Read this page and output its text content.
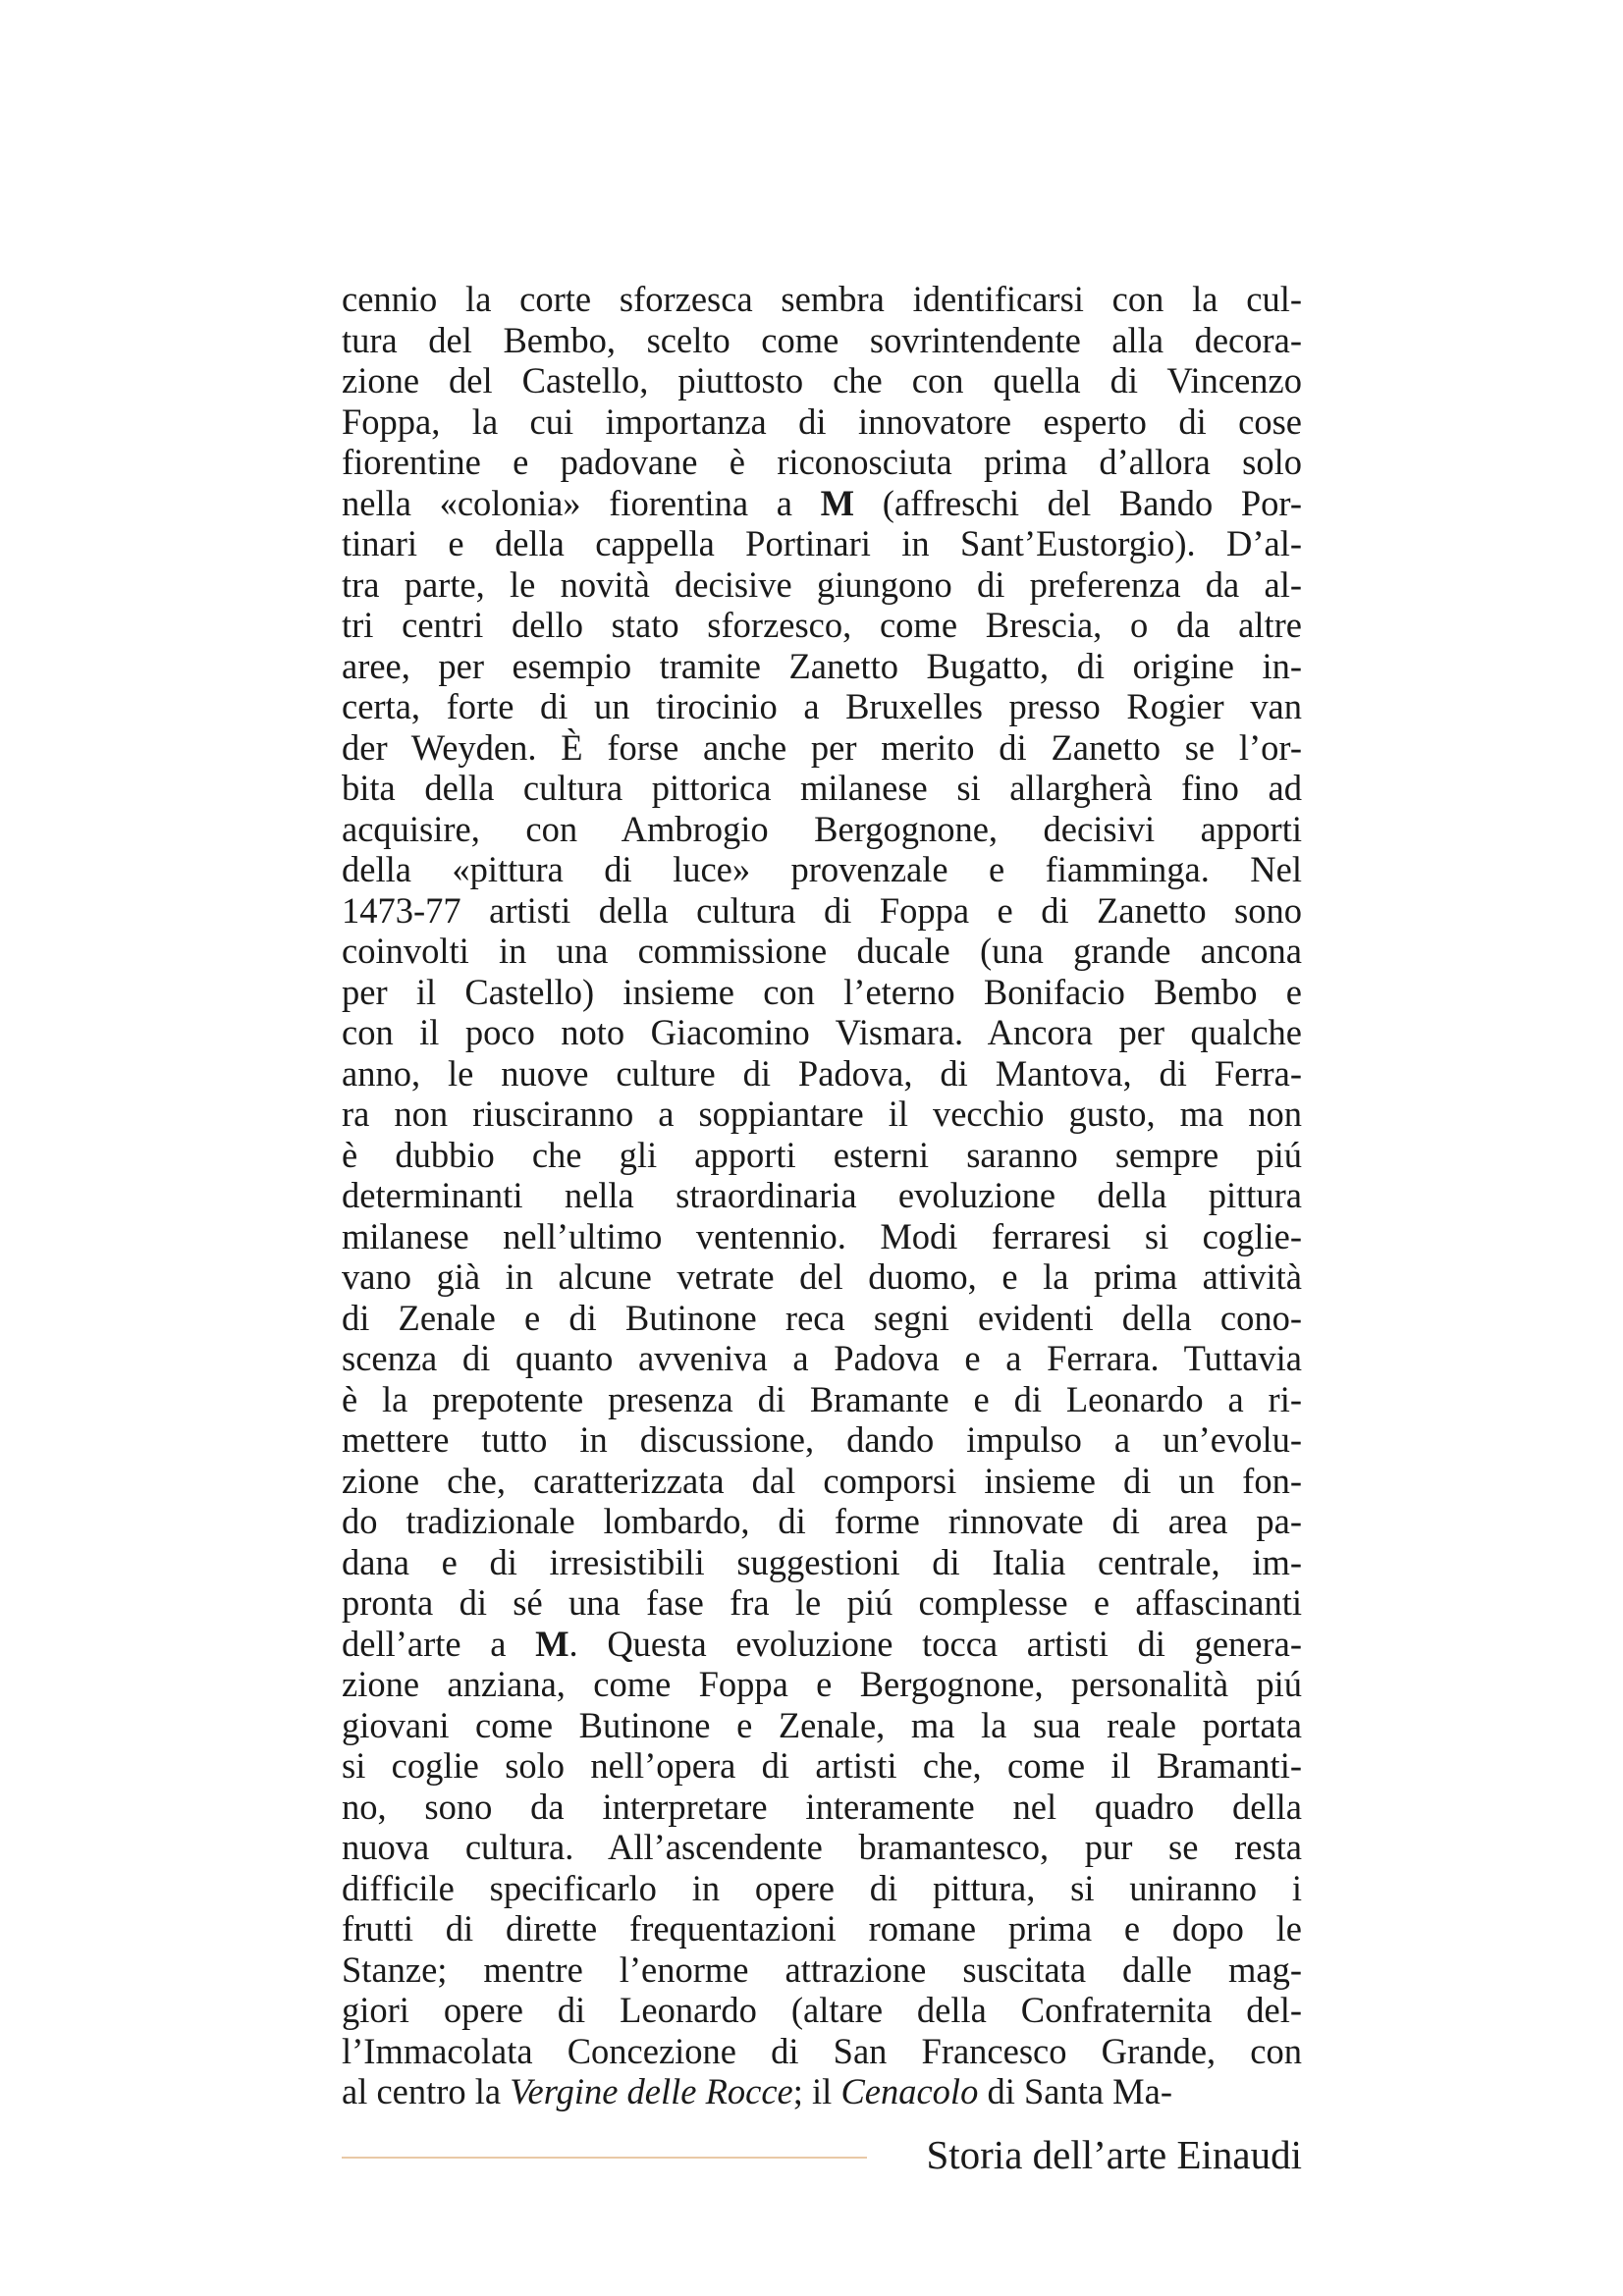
cennio la corte sforzesca sembra identificarsi con la cul-
tura del Bembo, scelto come sovrintendente alla decora-
zione del Castello, piuttosto che con quella di Vincenzo
Foppa, la cui importanza di innovatore esperto di cose
fiorentine e padovane è riconosciuta prima d’allora solo
nella «colonia» fiorentina a M (affreschi del Bando Por-
tinari e della cappella Portinari in Sant’Eustorgio). D’al-
tra parte, le novità decisive giungono di preferenza da al-
tri centri dello stato sforzesco, come Brescia, o da altre
aree, per esempio tramite Zanetto Bugatto, di origine in-
certa, forte di un tirocinio a Bruxelles presso Rogier van
der Weyden. È forse anche per merito di Zanetto se l’or-
bita della cultura pittorica milanese si allargherà fino ad
acquisire, con Ambrogio Bergognone, decisivi apporti
della «pittura di luce» provenzale e fiamminga. Nel
1473-77 artisti della cultura di Foppa e di Zanetto sono
coinvolti in una commissione ducale (una grande ancona
per il Castello) insieme con l’eterno Bonifacio Bembo e
con il poco noto Giacomino Vismara. Ancora per qualche
anno, le nuove culture di Padova, di Mantova, di Ferra-
ra non riusciranno a soppiantare il vecchio gusto, ma non
è dubbio che gli apporti esterni saranno sempre piú
determinanti nella straordinaria evoluzione della pittura
milanese nell’ultimo ventennio. Modi ferraresi si coglie-
vano già in alcune vetrate del duomo, e la prima attività
di Zenale e di Butinone reca segni evidenti della cono-
scenza di quanto avveniva a Padova e a Ferrara. Tuttavia
è la prepotente presenza di Bramante e di Leonardo a ri-
mettere tutto in discussione, dando impulso a un’evolu-
zione che, caratterizzata dal comporsi insieme di un fon-
do tradizionale lombardo, di forme rinnovate di area pa-
dana e di irresistibili suggestioni di Italia centrale, im-
pronta di sé una fase fra le piú complesse e affascinanti
dell’arte a M. Questa evoluzione tocca artisti di genera-
zione anziana, come Foppa e Bergognone, personalità piú
giovani come Butinone e Zenale, ma la sua reale portata
si coglie solo nell’opera di artisti che, come il Bramanti-
no, sono da interpretare interamente nel quadro della
nuova cultura. All’ascendente bramantesco, pur se resta
difficile specificarlo in opere di pittura, si uniranno i
frutti di dirette frequentazioni romane prima e dopo le
Stanze; mentre l’enorme attrazione suscitata dalle mag-
giori opere di Leonardo (altare della Confraternita del-
l’Immacolata Concezione di San Francesco Grande, con
al centro la Vergine delle Rocce; il Cenacolo di Santa Ma-
Storia dell’arte Einaudi
